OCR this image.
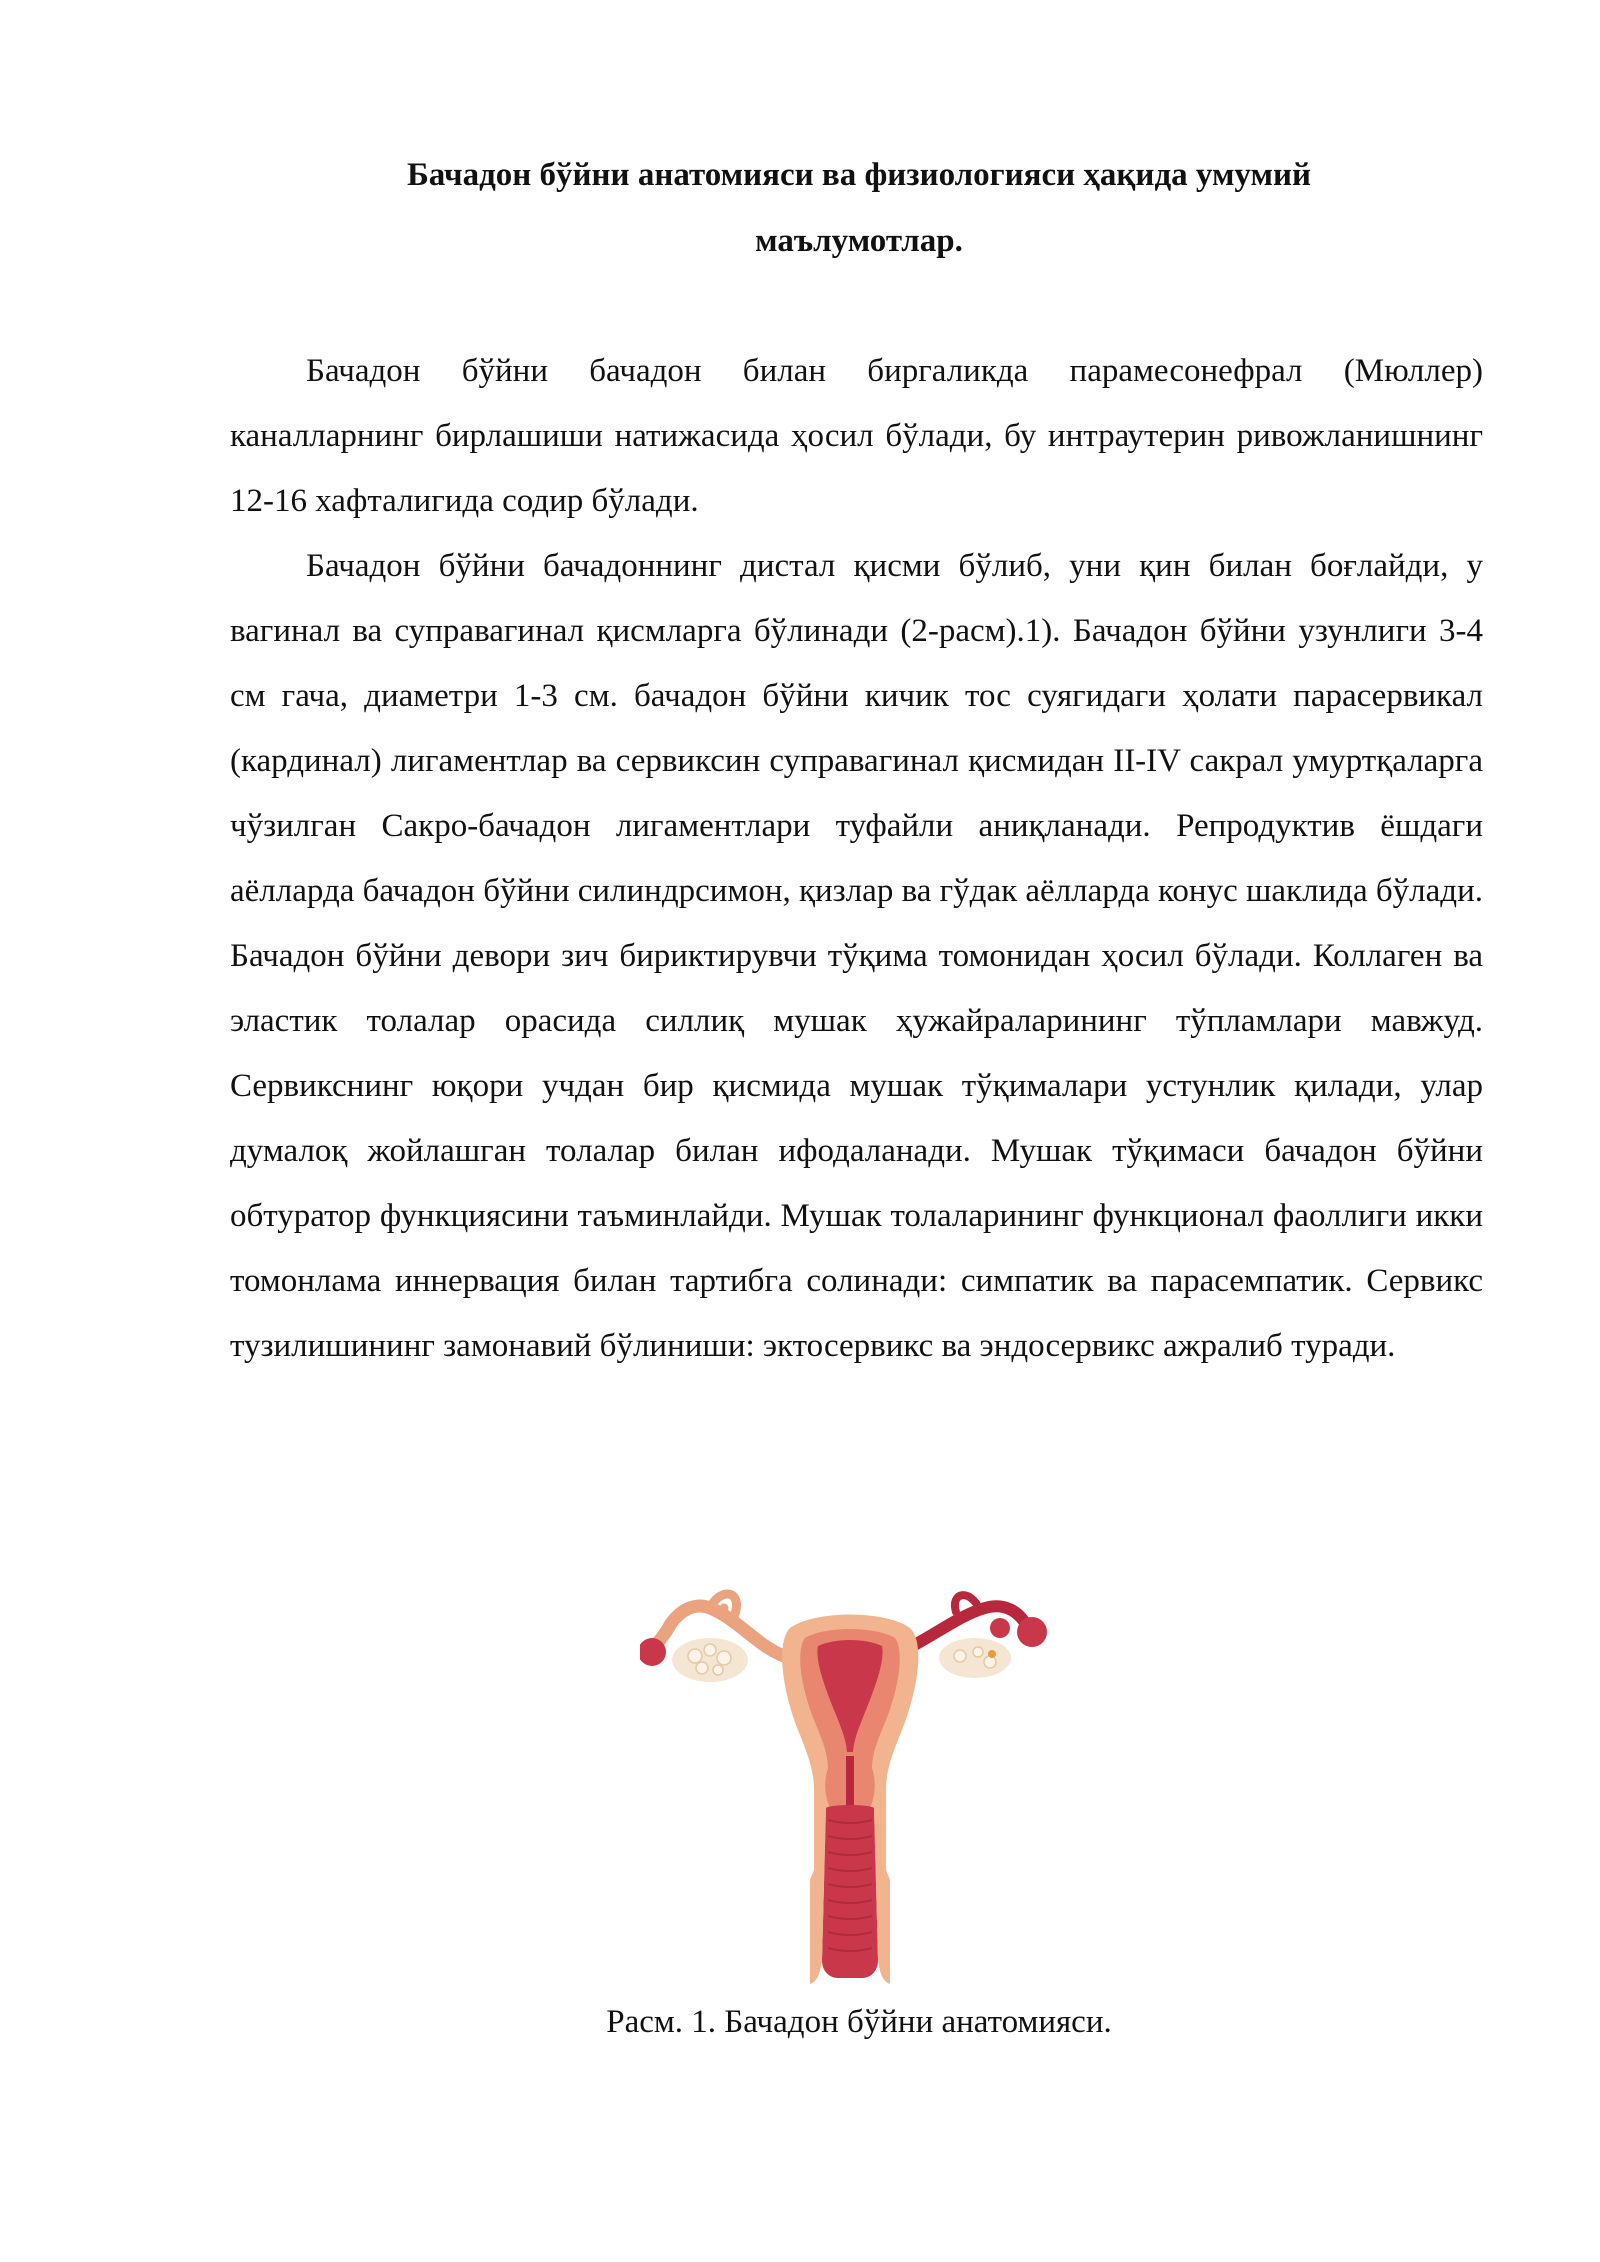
Бачадон бўйни анатомияси ва физиологияси ҳақида умумий
маълумотлар.

Бачадон бўйни бачадон билан биргаликда парамесонефрал (Мюллер) каналларнинг бирлашиши натижасида ҳосил бўлади, бу интраутерин ривожланишнинг 12-16 хафталигида содир бўлади.

Бачадон бўйни бачадоннинг дистал қисми бўлиб, уни қин билан боғлайди, у вагинал ва суправагинал қисмларга бўлинади (2-расм).1). Бачадон бўйни узунлиги 3-4 см гача, диаметри 1-3 см. бачадон бўйни кичик тос суягидаги ҳолати парасервикал (кардинал) лигаментлар ва сервиксин суправагинал қисмидан II-IV сакрал умуртқаларга чўзилган Сакро-бачадон лигаментлари туфайли аниқланади. Репродуктив ёшдаги аёлларда бачадон бўйни силиндрсимон, қизлар ва гўдак аёлларда конус шаклида бўлади. Бачадон бўйни девори зич бириктирувчи тўқима томонидан ҳосил бўлади. Коллаген ва эластик толалар орасида силлиқ мушак ҳужайраларининг тўпламлари мавжуд. Сервикснинг юқори учдан бир қисмида мушак тўқималари устунлик қилади, улар думалоқ жойлашган толалар билан ифодаланади. Мушак тўқимаси бачадон бўйни обтуратор функциясини таъминлайди. Мушак толаларининг функционал фаоллиги икки томонлама иннервация билан тартибга солинади: симпатик ва парасемпатик. Сервикс тузилишининг замонавий бўлиниши: эктосервикс ва эндосервикс ажралиб туради.

Расм. 1. Бачадон бўйни анатомияси.
